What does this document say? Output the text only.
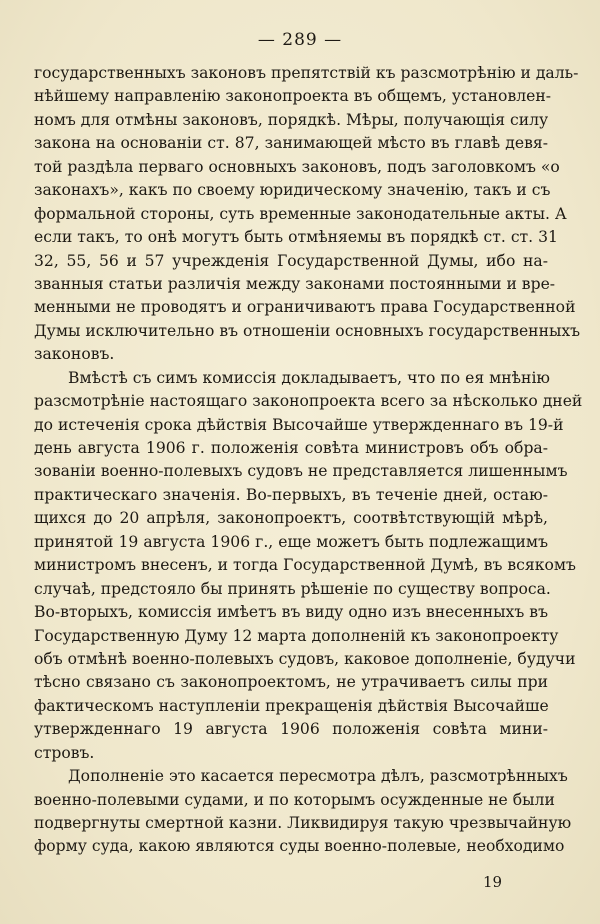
— 289 —
государственныхъ законовъ препятствій къ разсмотрѣнію и даль-
нѣйшему направленію законопроекта въ общемъ, установлен-
номъ для отмѣны законовъ, порядкѣ. Мѣры, получающія силу
закона на основаніи ст. 87, занимающей мѣсто въ главѣ девя-
той раздѣла перваго основныхъ законовъ, подъ заголовкомъ «о
законахъ», какъ по своему юридическому значенію, такъ и съ
формальной стороны, суть временные законодательные акты. А
если такъ, то онѣ могутъ быть отмѣняемы въ порядкѣ ст. ст. 31
32, 55, 56 и 57 учрежденія Государственной Думы, ибо на-
званныя статьи различія между законами постоянными и вре-
менными не проводятъ и ограничиваютъ права Государственной
Думы исключительно въ отношеніи основныхъ государственныхъ
законовъ.
Вмѣстѣ съ симъ комиссія докладываетъ, что по ея мнѣнію
разсмотрѣніе настоящаго законопроекта всего за нѣсколько дней
до истеченія срока дѣйствія Высочайше утвержденнаго въ 19-й
день августа 1906 г. положенія совѣта министровъ объ обра-
зованіи военно-полевыхъ судовъ не представляется лишеннымъ
практическаго значенія. Во-первыхъ, въ теченіе дней, остаю-
щихся до 20 апрѣля, законопроектъ, соотвѣтствующій мѣрѣ,
принятой 19 августа 1906 г., еще можетъ быть подлежащимъ
министромъ внесенъ, и тогда Государственной Думѣ, въ всякомъ
случаѣ, предстояло бы принять рѣшеніе по существу вопроса.
Во-вторыхъ, комиссія имѣетъ въ виду одно изъ внесенныхъ въ
Государственную Думу 12 марта дополненій къ законопроекту
объ отмѣнѣ военно-полевыхъ судовъ, каковое дополненіе, будучи
тѣсно связано съ законопроектомъ, не утрачиваетъ силы при
фактическомъ наступленіи прекращенія дѣйствія Высочайше
утвержденнаго 19 августа 1906 положенія совѣта мини-
стровъ.
Дополненіе это касается пересмотра дѣлъ, разсмотрѣнныхъ
военно-полевыми судами, и по которымъ осужденные не были
подвергнуты смертной казни. Ликвидируя такую чрезвычайную
форму суда, какою являются суды военно-полевые, необходимо
19
